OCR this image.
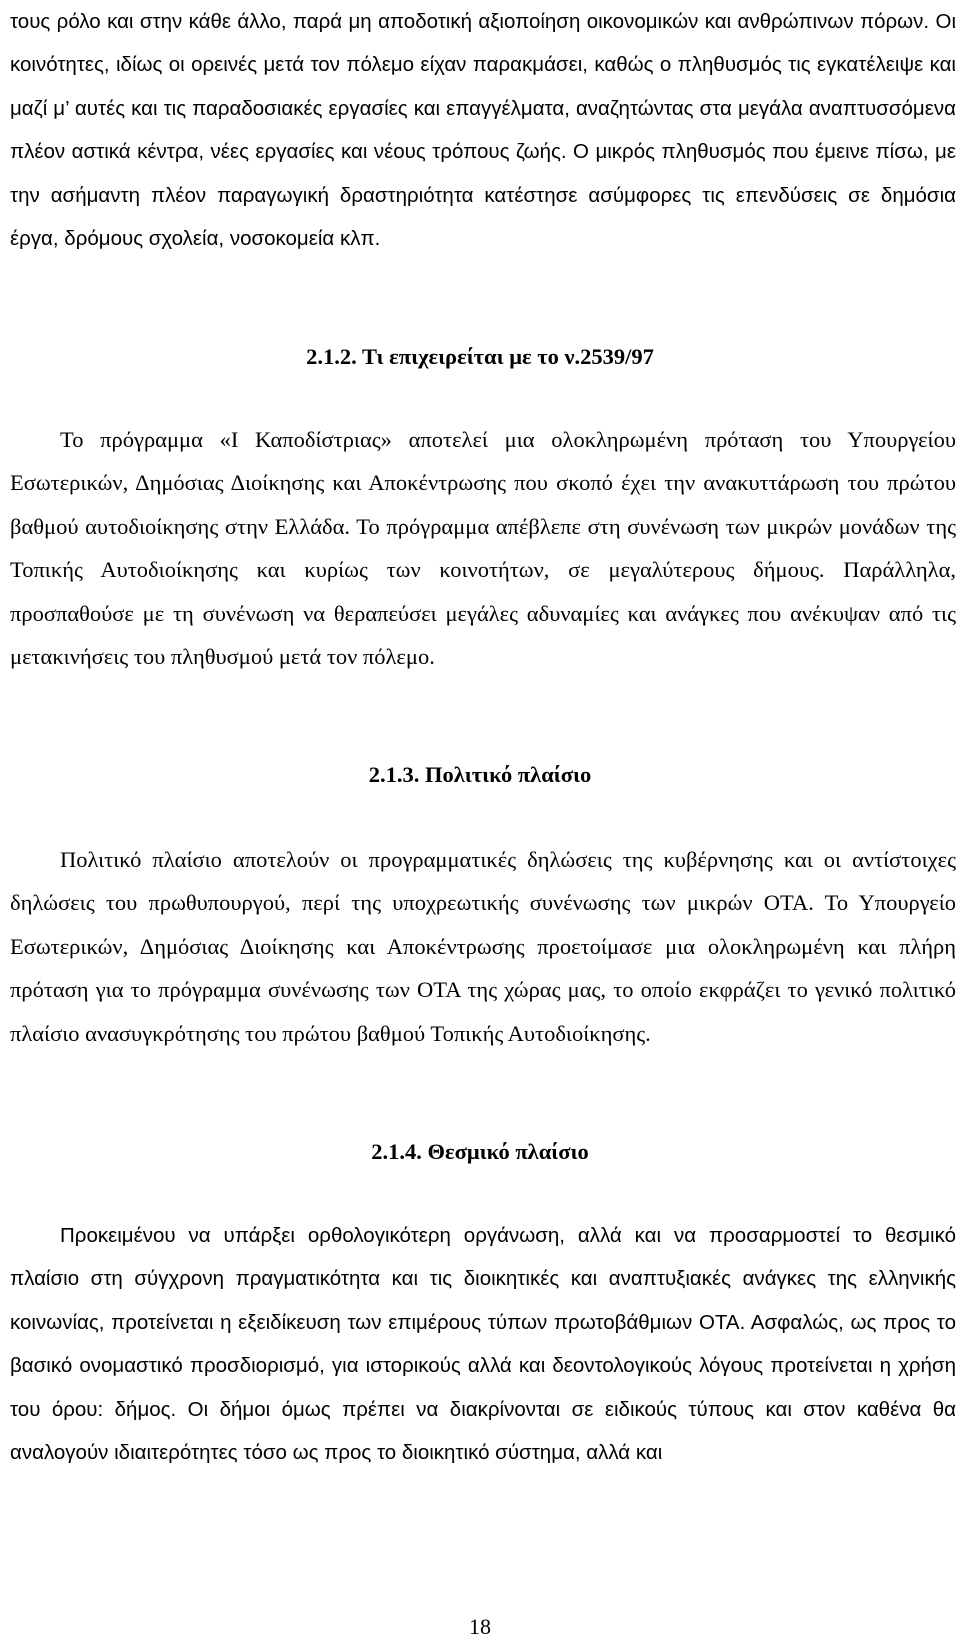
τους ρόλο και στην κάθε άλλο, παρά μη αποδοτική αξιοποίηση οικονομικών και ανθρώπινων πόρων. Οι κοινότητες, ιδίως οι ορεινές μετά τον πόλεμο είχαν παρακμάσει, καθώς ο πληθυσμός τις εγκατέλειψε και μαζί μ’ αυτές και τις παραδοσιακές εργασίες και επαγγέλματα, αναζητώντας στα μεγάλα αναπτυσσόμενα πλέον αστικά κέντρα, νέες εργασίες και νέους τρόπους ζωής. Ο μικρός πληθυσμός που έμεινε πίσω, με την ασήμαντη πλέον παραγωγική δραστηριότητα κατέστησε ασύμφορες τις επενδύσεις σε δημόσια έργα, δρόμους σχολεία, νοσοκομεία κλπ.

2.1.2. Τι επιχειρείται με το ν.2539/97

Το πρόγραμμα «Ι Καποδίστριας» αποτελεί μια ολοκληρωμένη πρόταση του Υπουργείου Εσωτερικών, Δημόσιας Διοίκησης και Αποκέντρωσης που σκοπό έχει την ανακυττάρωση του πρώτου βαθμού αυτοδιοίκησης στην Ελλάδα. Το πρόγραμμα απέβλεπε στη συνένωση των μικρών μονάδων της Τοπικής Αυτοδιοίκησης και κυρίως των κοινοτήτων, σε μεγαλύτερους δήμους. Παράλληλα, προσπαθούσε με τη συνένωση να θεραπεύσει μεγάλες αδυναμίες και ανάγκες που ανέκυψαν από τις μετακινήσεις του πληθυσμού μετά τον πόλεμο.

2.1.3. Πολιτικό πλαίσιο

Πολιτικό πλαίσιο αποτελούν οι προγραμματικές δηλώσεις της κυβέρνησης και οι αντίστοιχες δηλώσεις του πρωθυπουργού, περί της υποχρεωτικής συνένωσης των μικρών ΟΤΑ. Το Υπουργείο Εσωτερικών, Δημόσιας Διοίκησης και Αποκέντρωσης προετοίμασε μια ολοκληρωμένη και πλήρη πρόταση για το πρόγραμμα συνένωσης των ΟΤΑ της χώρας μας, το οποίο εκφράζει το γενικό πολιτικό πλαίσιο ανασυγκρότησης του πρώτου βαθμού Τοπικής Αυτοδιοίκησης.

2.1.4. Θεσμικό πλαίσιο

Προκειμένου να υπάρξει ορθολογικότερη οργάνωση, αλλά και να προσαρμοστεί το θεσμικό πλαίσιο στη σύγχρονη πραγματικότητα και τις διοικητικές και αναπτυξιακές ανάγκες της ελληνικής κοινωνίας, προτείνεται η εξειδίκευση των επιμέρους τύπων πρωτοβάθμιων ΟΤΑ. Ασφαλώς, ως προς το βασικό ονομαστικό προσδιορισμό, για ιστορικούς αλλά και δεοντολογικούς λόγους προτείνεται η χρήση του όρου: δήμος. Οι δήμοι όμως πρέπει να διακρίνονται σε ειδικούς τύπους και στον καθένα θα αναλογούν ιδιαιτερότητες τόσο ως προς το διοικητικό σύστημα, αλλά και

18
